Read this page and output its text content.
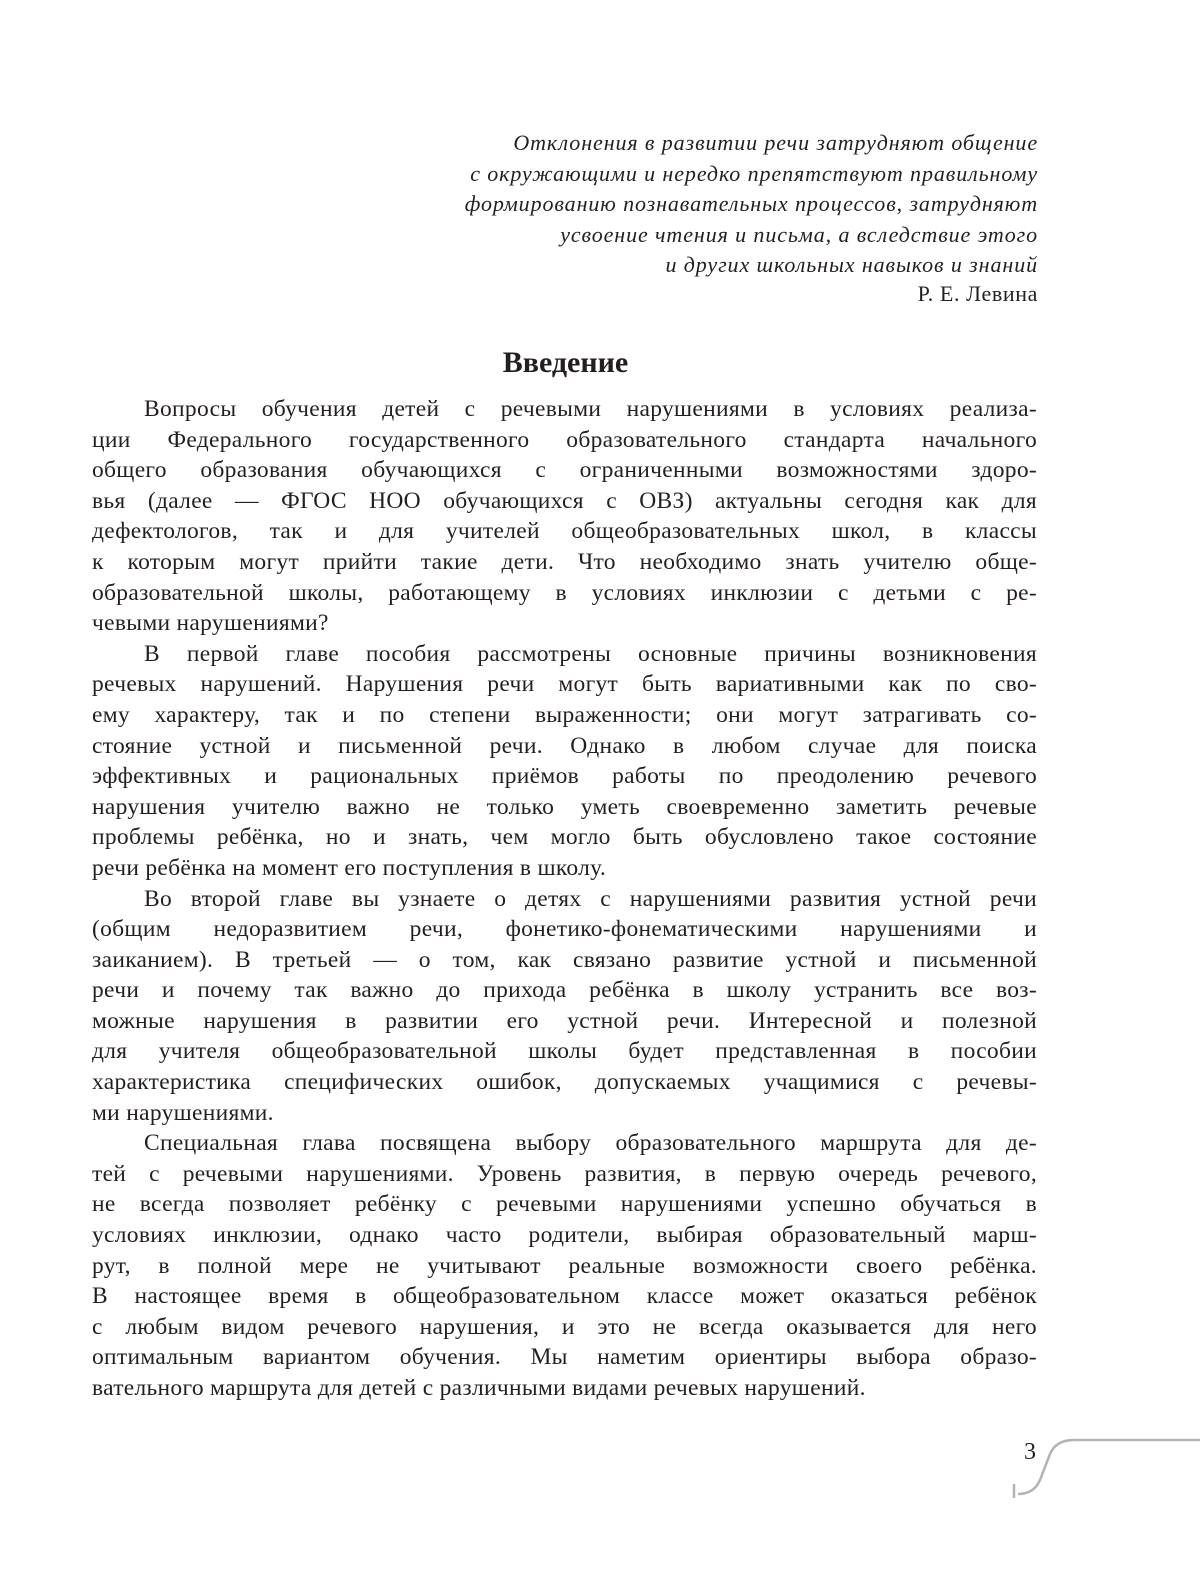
Отклонения в развитии речи затрудняют общение
с окружающими и нередко препятствуют правильному
формированию познавательных процессов, затрудняют
усвоение чтения и письма, а вследствие этого
и других школьных навыков и знаний
Р. Е. Левина
Введение
Вопросы обучения детей с речевыми нарушениями в условиях реализа-
ции Федерального государственного образовательного стандарта начального
общего образования обучающихся с ограниченными возможностями здоро-
вья (далее — ФГОС НОО обучающихся с ОВЗ) актуальны сегодня как для
дефектологов, так и для учителей общеобразовательных школ, в классы
к которым могут прийти такие дети. Что необходимо знать учителю обще-
образовательной школы, работающему в условиях инклюзии с детьми с ре-
чевыми нарушениями?
В первой главе пособия рассмотрены основные причины возникновения
речевых нарушений. Нарушения речи могут быть вариативными как по сво-
ему характеру, так и по степени выраженности; они могут затрагивать со-
стояние устной и письменной речи. Однако в любом случае для поиска
эффективных и рациональных приёмов работы по преодолению речевого
нарушения учителю важно не только уметь своевременно заметить речевые
проблемы ребёнка, но и знать, чем могло быть обусловлено такое состояние
речи ребёнка на момент его поступления в школу.
Во второй главе вы узнаете о детях с нарушениями развития устной речи
(общим недоразвитием речи, фонетико-фонематическими нарушениями и
заиканием). В третьей — о том, как связано развитие устной и письменной
речи и почему так важно до прихода ребёнка в школу устранить все воз-
можные нарушения в развитии его устной речи. Интересной и полезной
для учителя общеобразовательной школы будет представленная в пособии
характеристика специфических ошибок, допускаемых учащимися с речевы-
ми нарушениями.
Специальная глава посвящена выбору образовательного маршрута для де-
тей с речевыми нарушениями. Уровень развития, в первую очередь речевого,
не всегда позволяет ребёнку с речевыми нарушениями успешно обучаться в
условиях инклюзии, однако часто родители, выбирая образовательный марш-
рут, в полной мере не учитывают реальные возможности своего ребёнка.
В настоящее время в общеобразовательном классе может оказаться ребёнок
с любым видом речевого нарушения, и это не всегда оказывается для него
оптимальным вариантом обучения. Мы наметим ориентиры выбора образо-
вательного маршрута для детей с различными видами речевых нарушений.
3
